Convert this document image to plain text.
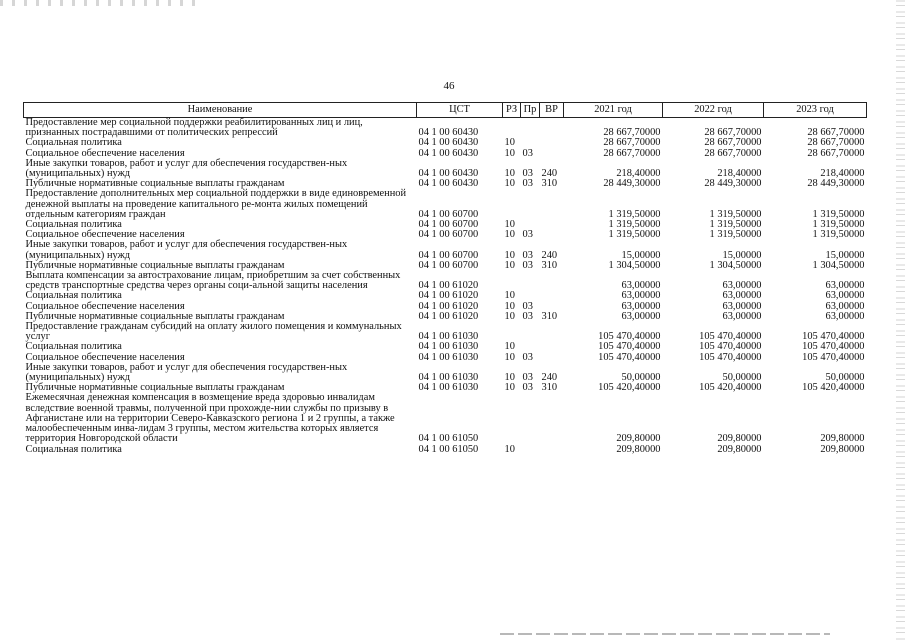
46
Наименование	ЦСТ	РЗ	Пр	ВР	2021 год	2022 год	2023 год
Предоставление мер социальной поддержки реабилитированных лиц и лиц, признанных пострадавшими от политических репрессий	04 1 00 60430				28 667,70000	28 667,70000	28 667,70000
Социальная политика	04 1 00 60430	10			28 667,70000	28 667,70000	28 667,70000
Социальное обеспечение населения	04 1 00 60430	10	03		28 667,70000	28 667,70000	28 667,70000
Иные закупки товаров, работ и услуг для обеспечения государствен-ных (муниципальных) нужд	04 1 00 60430	10	03	240	218,40000	218,40000	218,40000
Публичные нормативные социальные выплаты гражданам	04 1 00 60430	10	03	310	28 449,30000	28 449,30000	28 449,30000
Предоставление дополнительных мер социальной поддержки в виде единовременной денежной выплаты на проведение капитального ре-монта жилых помещений отдельным категориям граждан	04 1 00 60700				1 319,50000	1 319,50000	1 319,50000
Социальная политика	04 1 00 60700	10			1 319,50000	1 319,50000	1 319,50000
Социальное обеспечение населения	04 1 00 60700	10	03		1 319,50000	1 319,50000	1 319,50000
Иные закупки товаров, работ и услуг для обеспечения государствен-ных (муниципальных) нужд	04 1 00 60700	10	03	240	15,00000	15,00000	15,00000
Публичные нормативные социальные выплаты гражданам	04 1 00 60700	10	03	310	1 304,50000	1 304,50000	1 304,50000
Выплата компенсации за автострахование лицам, приобретшим за счет собственных средств транспортные средства через органы соци-альной защиты населения	04 1 00 61020				63,00000	63,00000	63,00000
Социальная политика	04 1 00 61020	10			63,00000	63,00000	63,00000
Социальное обеспечение населения	04 1 00 61020	10	03		63,00000	63,00000	63,00000
Публичные нормативные социальные выплаты гражданам	04 1 00 61020	10	03	310	63,00000	63,00000	63,00000
Предоставление гражданам субсидий на оплату жилого помещения и коммунальных услуг	04 1 00 61030				105 470,40000	105 470,40000	105 470,40000
Социальная политика	04 1 00 61030	10			105 470,40000	105 470,40000	105 470,40000
Социальное обеспечение населения	04 1 00 61030	10	03		105 470,40000	105 470,40000	105 470,40000
Иные закупки товаров, работ и услуг для обеспечения государствен-ных (муниципальных) нужд	04 1 00 61030	10	03	240	50,00000	50,00000	50,00000
Публичные нормативные социальные выплаты гражданам	04 1 00 61030	10	03	310	105 420,40000	105 420,40000	105 420,40000
Ежемесячная денежная компенсация в возмещение вреда здоровью инвалидам вследствие военной травмы, полученной при прохожде-нии службы по призыву в Афганистане или на территории Северо-Кавказского региона 1 и 2 группы, а также малообеспеченным инва-лидам 3 группы, местом жительства которых является территория Новгородской области	04 1 00 61050				209,80000	209,80000	209,80000
Социальная политика	04 1 00 61050	10			209,80000	209,80000	209,80000
